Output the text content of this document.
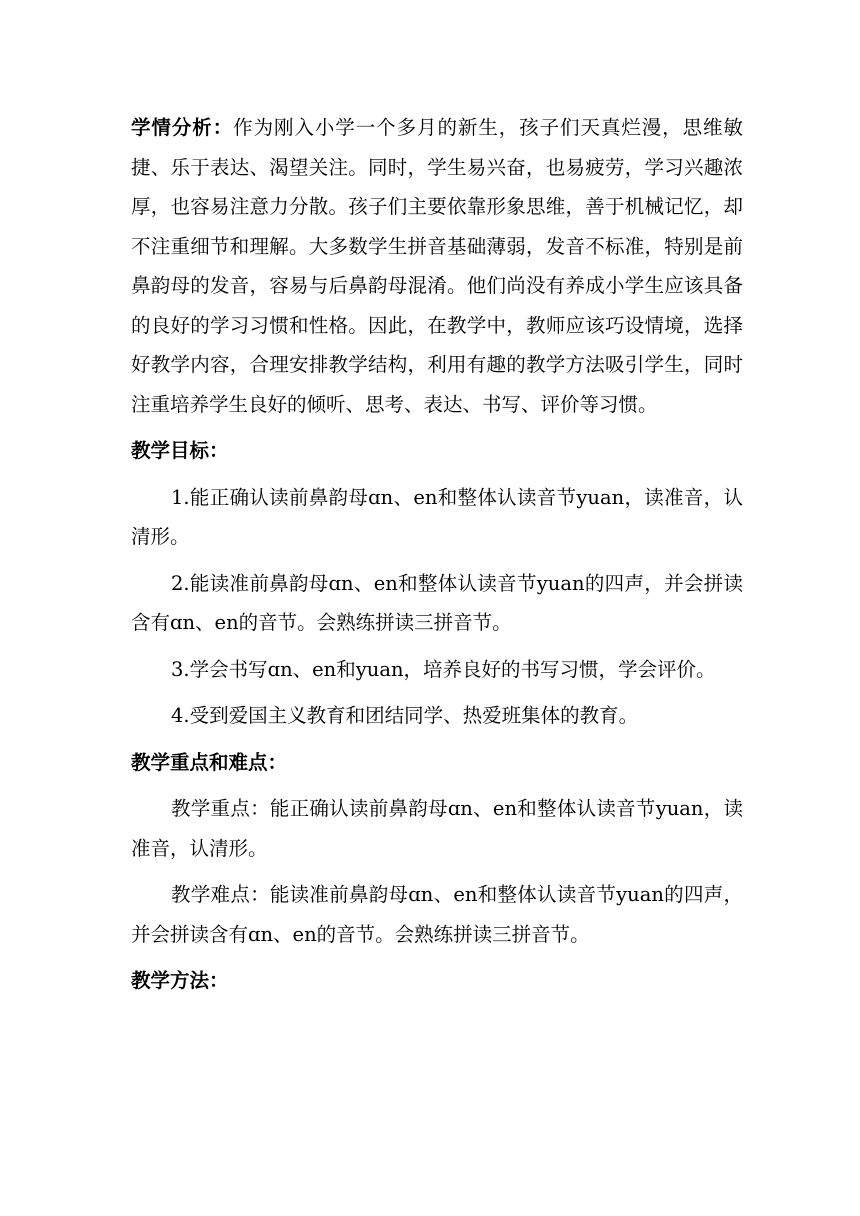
学情分析：作为刚入小学一个多月的新生，孩子们天真烂漫，思维敏捷、乐于表达、渴望关注。同时，学生易兴奋，也易疲劳，学习兴趣浓厚，也容易注意力分散。孩子们主要依靠形象思维，善于机械记忆，却不注重细节和理解。大多数学生拼音基础薄弱，发音不标准，特别是前鼻韵母的发音，容易与后鼻韵母混淆。他们尚没有养成小学生应该具备的良好的学习习惯和性格。因此，在教学中，教师应该巧设情境，选择好教学内容，合理安排教学结构，利用有趣的教学方法吸引学生，同时注重培养学生良好的倾听、思考、表达、书写、评价等习惯。

教学目标：

1.能正确认读前鼻韵母ɑn、en和整体认读音节yuan，读准音，认清形。

2.能读准前鼻韵母ɑn、en和整体认读音节yuan的四声，并会拼读含有ɑn、en的音节。会熟练拼读三拼音节。

3.学会书写ɑn、en和yuan，培养良好的书写习惯，学会评价。

4.受到爱国主义教育和团结同学、热爱班集体的教育。

教学重点和难点：

教学重点：能正确认读前鼻韵母ɑn、en和整体认读音节yuan，读准音，认清形。

教学难点：能读准前鼻韵母ɑn、en和整体认读音节yuan的四声，并会拼读含有ɑn、en的音节。会熟练拼读三拼音节。

教学方法：
